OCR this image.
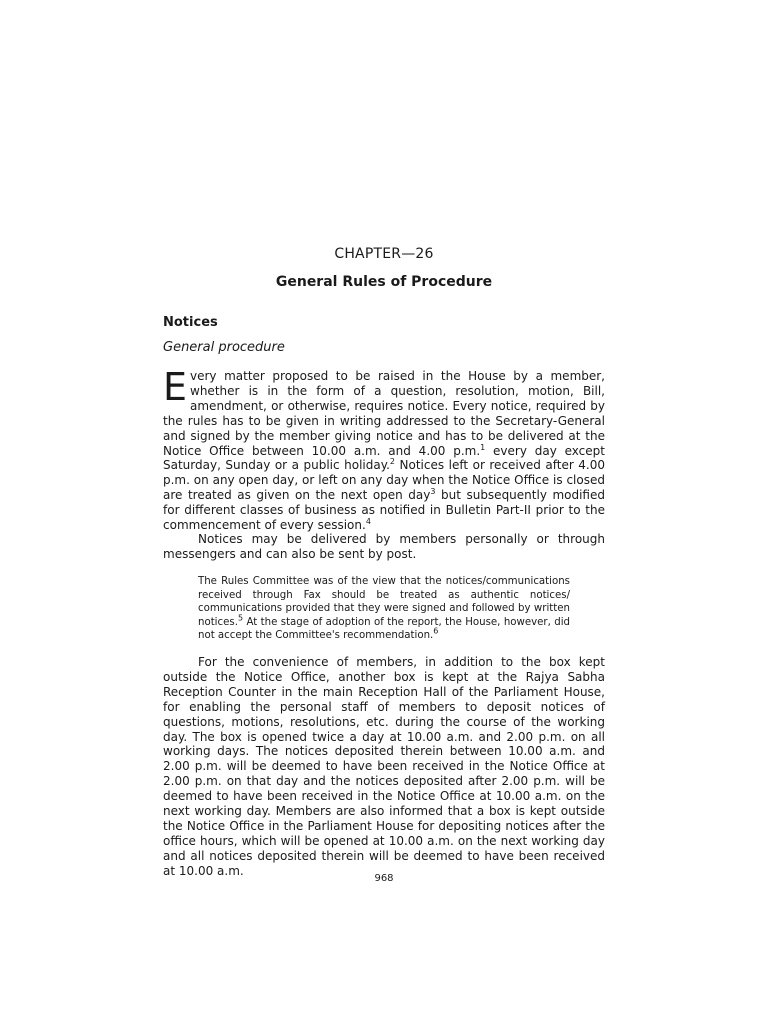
CHAPTER—26
General Rules of Procedure
Notices
General procedure

Every matter proposed to be raised in the House by a member, whether is in the form of a question, resolution, motion, Bill, amendment, or otherwise, requires notice. Every notice, required by the rules has to be given in writing addressed to the Secretary-General and signed by the member giving notice and has to be delivered at the Notice Office between 10.00 a.m. and 4.00 p.m.$^1$ every day except Saturday, Sunday or a public holiday.$^2$ Notices left or received after 4.00 p.m. on any open day, or left on any day when the Notice Office is closed are treated as given on the next open day$^3$ but subsequently modified for different classes of business as notified in Bulletin Part-II prior to the commencement of every session.$^4$

Notices may be delivered by members personally or through messengers and can also be sent by post.

The Rules Committee was of the view that the notices/communications received through Fax should be treated as authentic notices/ communications provided that they were signed and followed by written notices.$^5$ At the stage of adoption of the report, the House, however, did not accept the Committee's recommendation.$^6$

For the convenience of members, in addition to the box kept outside the Notice Office, another box is kept at the Rajya Sabha Reception Counter in the main Reception Hall of the Parliament House, for enabling the personal staff of members to deposit notices of questions, motions, resolutions, etc. during the course of the working day. The box is opened twice a day at 10.00 a.m. and 2.00 p.m. on all working days. The notices deposited therein between 10.00 a.m. and 2.00 p.m. will be deemed to have been received in the Notice Office at 2.00 p.m. on that day and the notices deposited after 2.00 p.m. will be deemed to have been received in the Notice Office at 10.00 a.m. on the next working day. Members are also informed that a box is kept outside the Notice Office in the Parliament House for depositing notices after the office hours, which will be opened at 10.00 a.m. on the next working day and all notices deposited therein will be deemed to have been received at 10.00 a.m.

968
